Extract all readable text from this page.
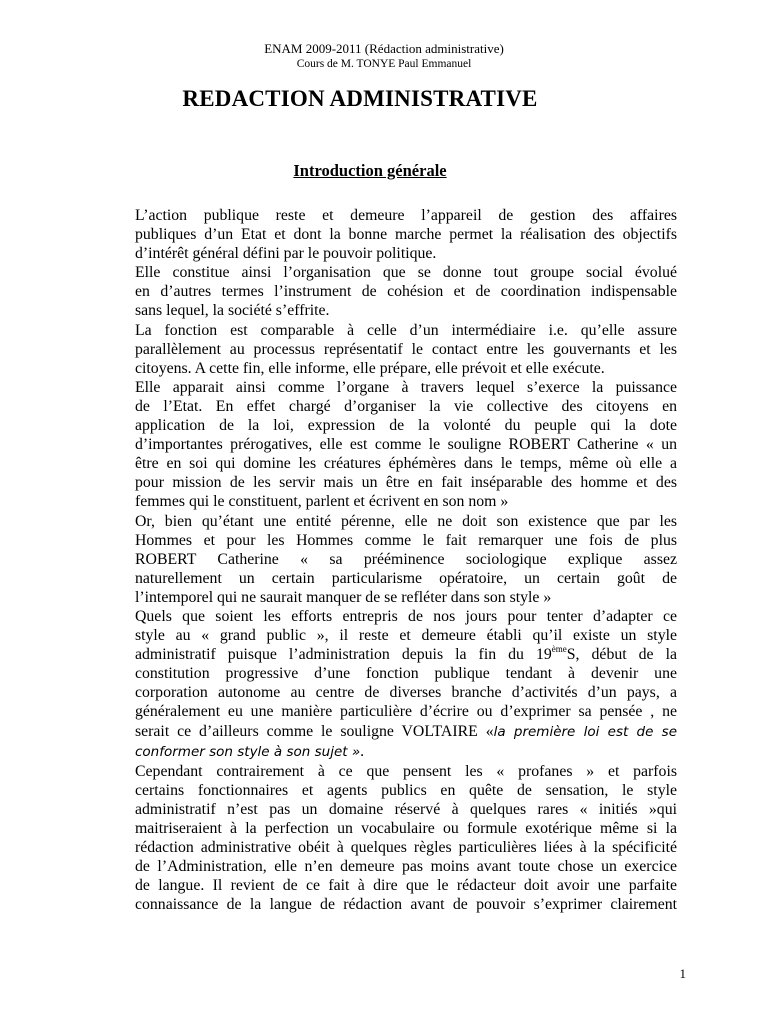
ENAM 2009-2011 (Rédaction administrative)
Cours de M. TONYE Paul Emmanuel
REDACTION ADMINISTRATIVE
Introduction générale

L’action publique reste et demeure l’appareil de gestion des affaires
publiques d’un Etat et dont la bonne marche permet la réalisation des objectifs
d’intérêt général défini par le pouvoir politique.

Elle constitue ainsi l’organisation que se donne tout groupe social évolué
en d’autres termes l’instrument de cohésion et de coordination indispensable
sans lequel, la société s’effrite.

La fonction est comparable à celle d’un intermédiaire i.e. qu’elle assure
parallèlement au processus représentatif le contact entre les gouvernants et les
citoyens. A cette fin, elle informe, elle prépare, elle prévoit et elle exécute.

Elle apparait ainsi comme l’organe à travers lequel s’exerce la puissance
de l’Etat. En effet chargé d’organiser la vie collective des citoyens en
application de la loi, expression de la volonté du peuple qui la dote
d’importantes prérogatives, elle est comme le souligne ROBERT Catherine « un
être en soi qui domine les créatures éphémères dans le temps, même où elle a
pour mission de les servir mais un être en fait inséparable des homme et des
femmes qui le constituent, parlent et écrivent en son nom »

Or, bien qu’étant une entité pérenne, elle ne doit son existence que par les
Hommes et pour les Hommes comme le fait remarquer une fois de plus
ROBERT Catherine « sa prééminence sociologique explique assez
naturellement un certain particularisme opératoire, un certain goût de
l’intemporel qui ne saurait manquer de se refléter dans son style »

Quels que soient les efforts entrepris de nos jours pour tenter d’adapter ce
style au « grand public », il reste et demeure établi qu’il existe un style
administratif puisque l’administration depuis la fin du 19èmeS, début de la
constitution progressive d’une fonction publique tendant à devenir une
corporation autonome au centre de diverses branche d’activités d’un pays, a
généralement eu une manière particulière d’écrire ou d’exprimer sa pensée , ne
serait ce d’ailleurs comme le souligne VOLTAIRE «la première loi est de se
conformer son style à son sujet ».

Cependant contrairement à ce que pensent les « profanes » et parfois
certains fonctionnaires et agents publics en quête de sensation, le style
administratif n’est pas un domaine réservé à quelques rares « initiés »qui
maitriseraient à la perfection un vocabulaire ou formule exotérique même si la
rédaction administrative obéit à quelques règles particulières liées à la spécificité
de l’Administration, elle n’en demeure pas moins avant toute chose un exercice
de langue. Il revient de ce fait à dire que le rédacteur doit avoir une parfaite
connaissance de la langue de rédaction avant de pouvoir s’exprimer clairement

1
